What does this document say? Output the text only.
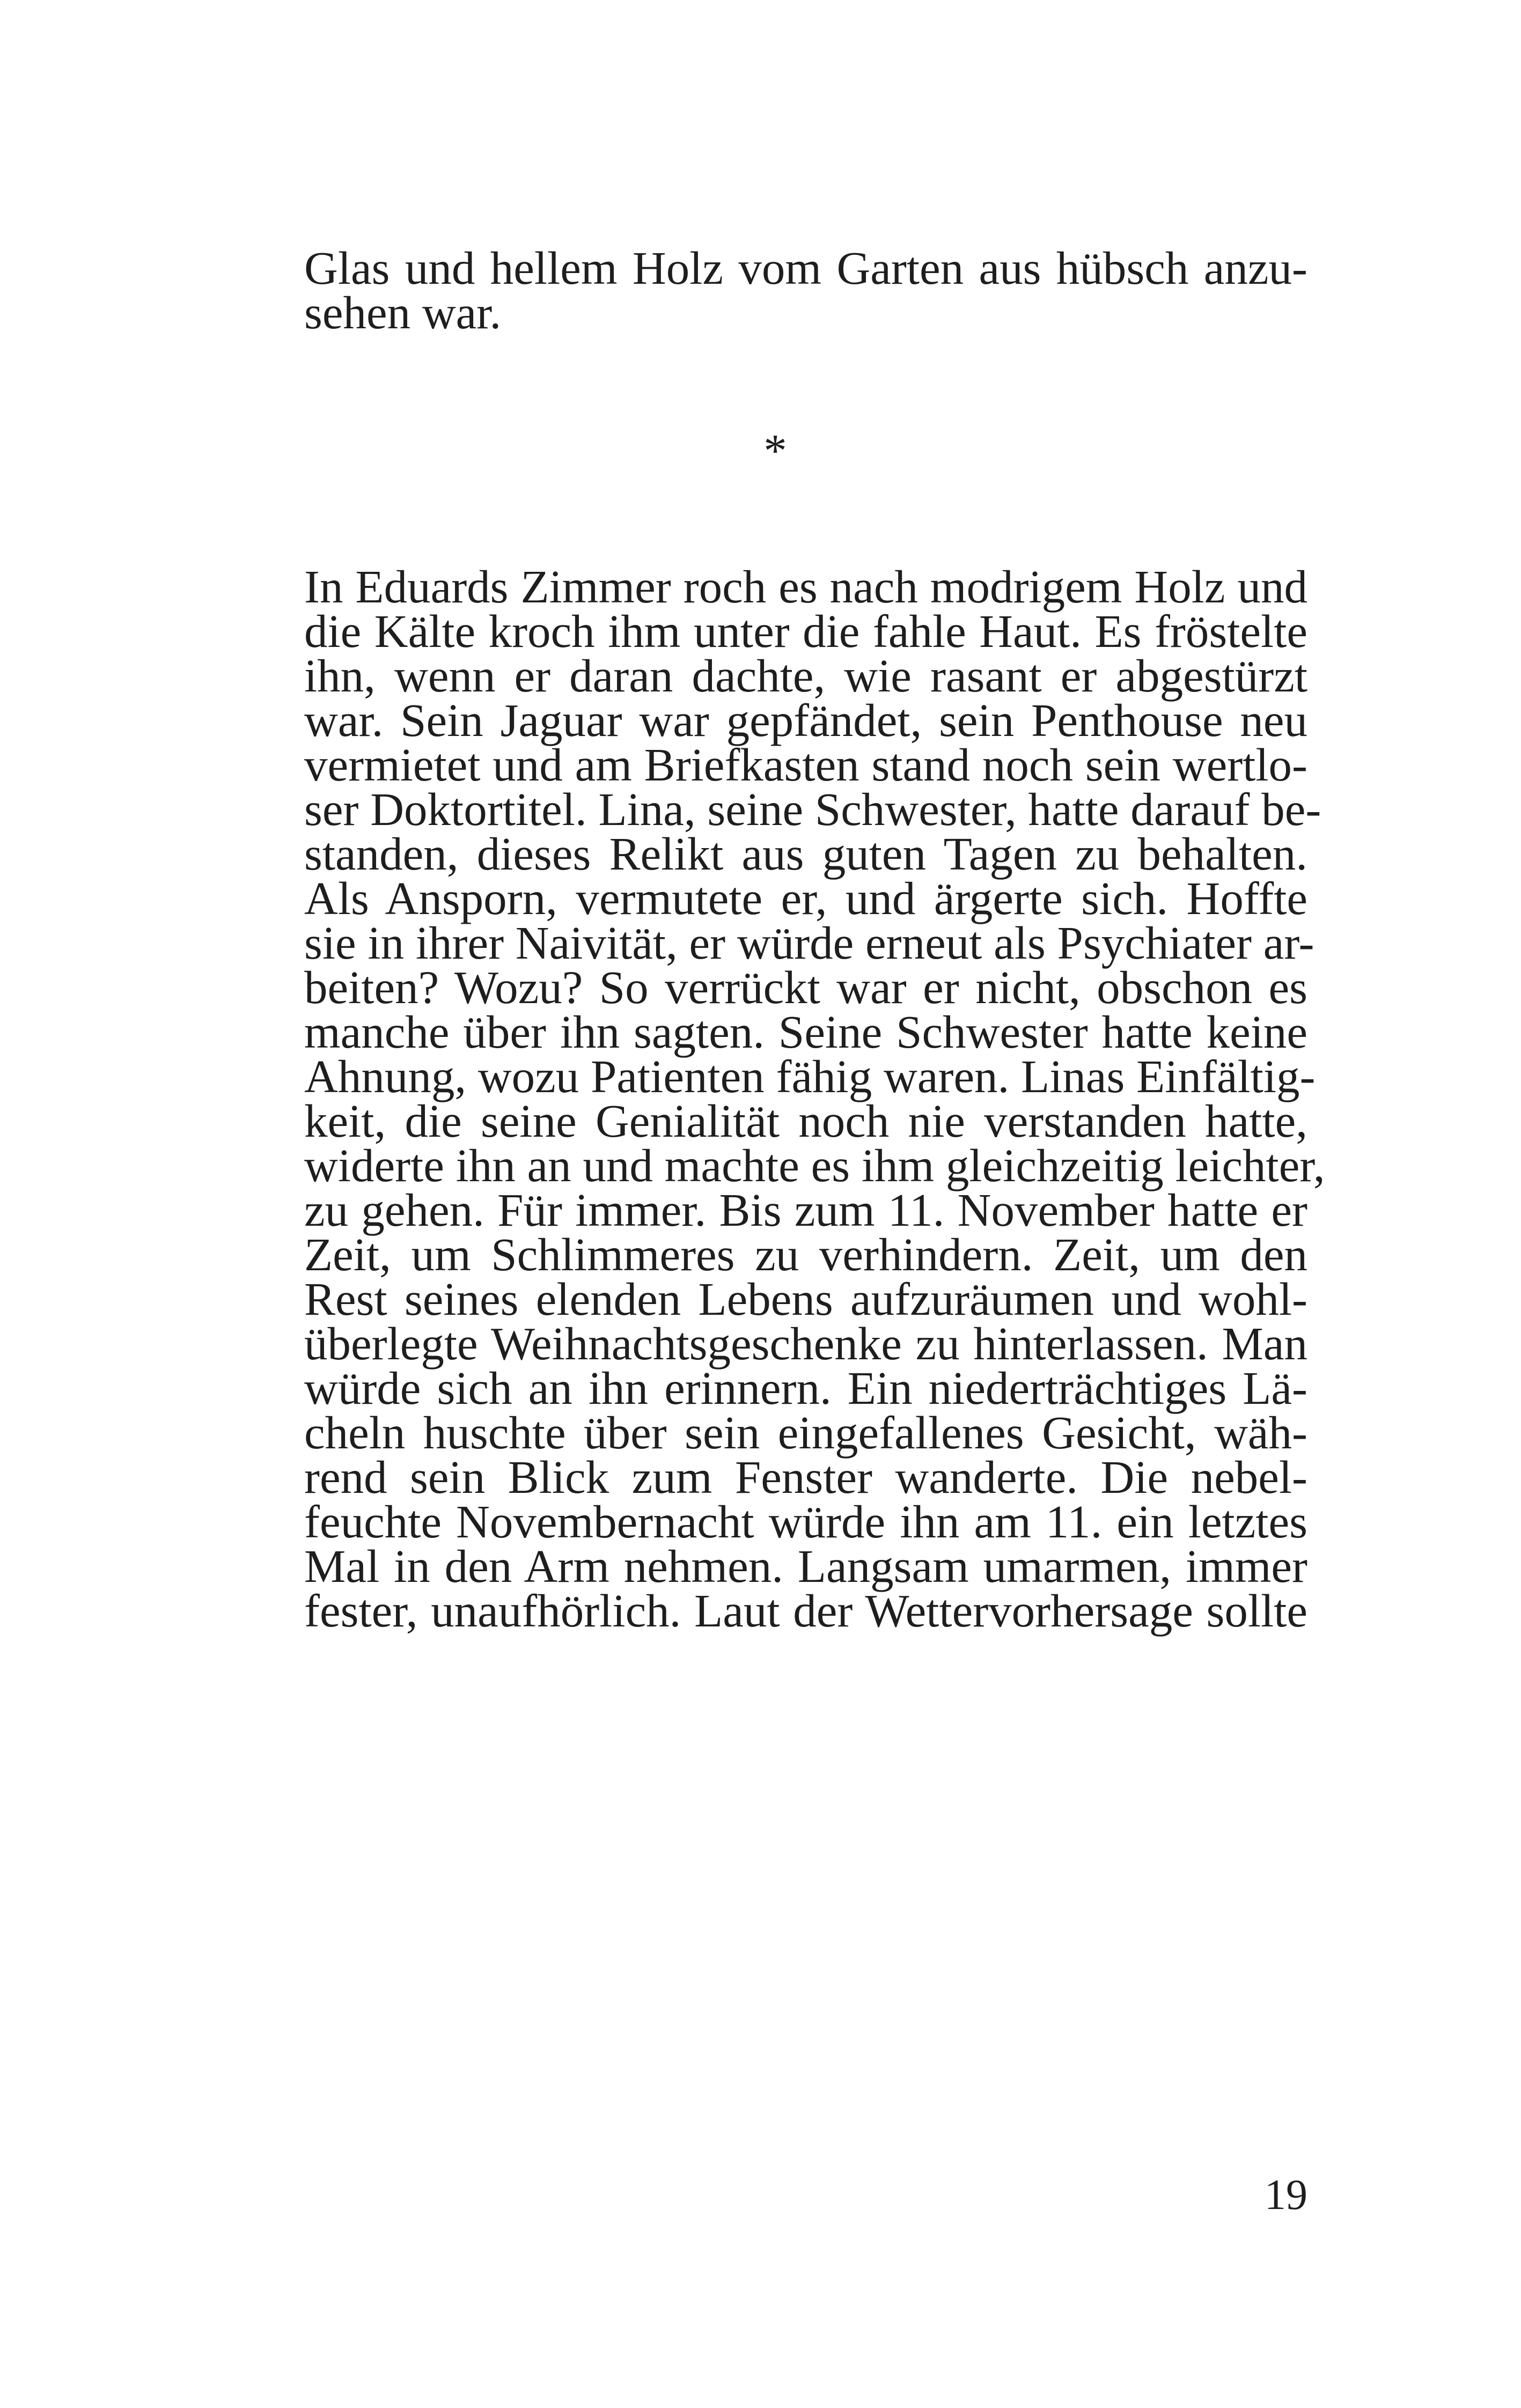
Glas und hellem Holz vom Garten aus hübsch anzu-
sehen war.
*
In Eduards Zimmer roch es nach modrigem Holz und
die Kälte kroch ihm unter die fahle Haut. Es fröstelte
ihn, wenn er daran dachte, wie rasant er abgestürzt
war. Sein Jaguar war gepfändet, sein Penthouse neu
vermietet und am Briefkasten stand noch sein wertlo-
ser Doktortitel. Lina, seine Schwester, hatte darauf be-
standen, dieses Relikt aus guten Tagen zu behalten.
Als Ansporn, vermutete er, und ärgerte sich. Hoffte
sie in ihrer Naivität, er würde erneut als Psychiater ar-
beiten? Wozu? So verrückt war er nicht, obschon es
manche über ihn sagten. Seine Schwester hatte keine
Ahnung, wozu Patienten fähig waren. Linas Einfältig-
keit, die seine Genialität noch nie verstanden hatte,
widerte ihn an und machte es ihm gleichzeitig leichter,
zu gehen. Für immer. Bis zum 11. November hatte er
Zeit, um Schlimmeres zu verhindern. Zeit, um den
Rest seines elenden Lebens aufzuräumen und wohl-
überlegte Weihnachtsgeschenke zu hinterlassen. Man
würde sich an ihn erinnern. Ein niederträchtiges Lä-
cheln huschte über sein eingefallenes Gesicht, wäh-
rend sein Blick zum Fenster wanderte. Die nebel-
feuchte Novembernacht würde ihn am 11. ein letztes
Mal in den Arm nehmen. Langsam umarmen, immer
fester, unaufhörlich. Laut der Wettervorhersage sollte
19
